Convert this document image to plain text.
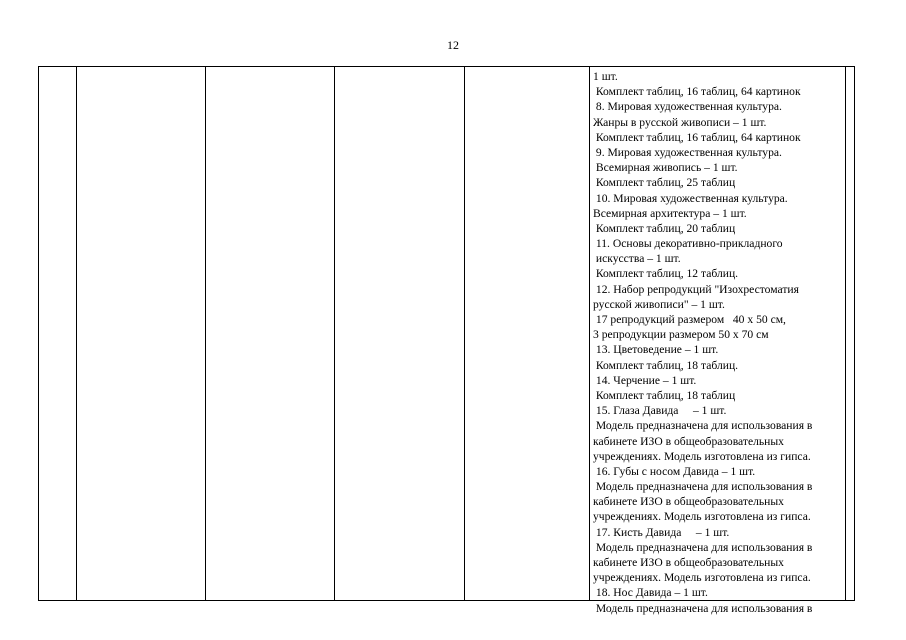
12
1 шт.
Комплект таблиц, 16 таблиц, 64 картинок
8. Мировая художественная культура.
Жанры в русской живописи – 1 шт.
Комплект таблиц, 16 таблиц, 64 картинок
9. Мировая художественная культура.
Всемирная живопись – 1 шт.
Комплект таблиц, 25 таблиц
10. Мировая художественная культура.
Всемирная архитектура – 1 шт.
Комплект таблиц, 20 таблиц
11. Основы декоративно-прикладного
искусства – 1 шт.
Комплект таблиц, 12 таблиц.
12. Набор репродукций "Изохрестоматия
русской живописи" – 1 шт.
17 репродукций размером   40 x 50 см,
3 репродукции размером 50 x 70 см
13. Цветоведение – 1 шт.
Комплект таблиц, 18 таблиц.
14. Черчение – 1 шт.
Комплект таблиц, 18 таблиц
15. Глаза Давида     – 1 шт.
Модель предназначена для использования в
кабинете ИЗО в общеобразовательных
учреждениях. Модель изготовлена из гипса.
16. Губы с носом Давида – 1 шт.
Модель предназначена для использования в
кабинете ИЗО в общеобразовательных
учреждениях. Модель изготовлена из гипса.
17. Кисть Давида     – 1 шт.
Модель предназначена для использования в
кабинете ИЗО в общеобразовательных
учреждениях. Модель изготовлена из гипса.
18. Нос Давида – 1 шт.
Модель предназначена для использования в
